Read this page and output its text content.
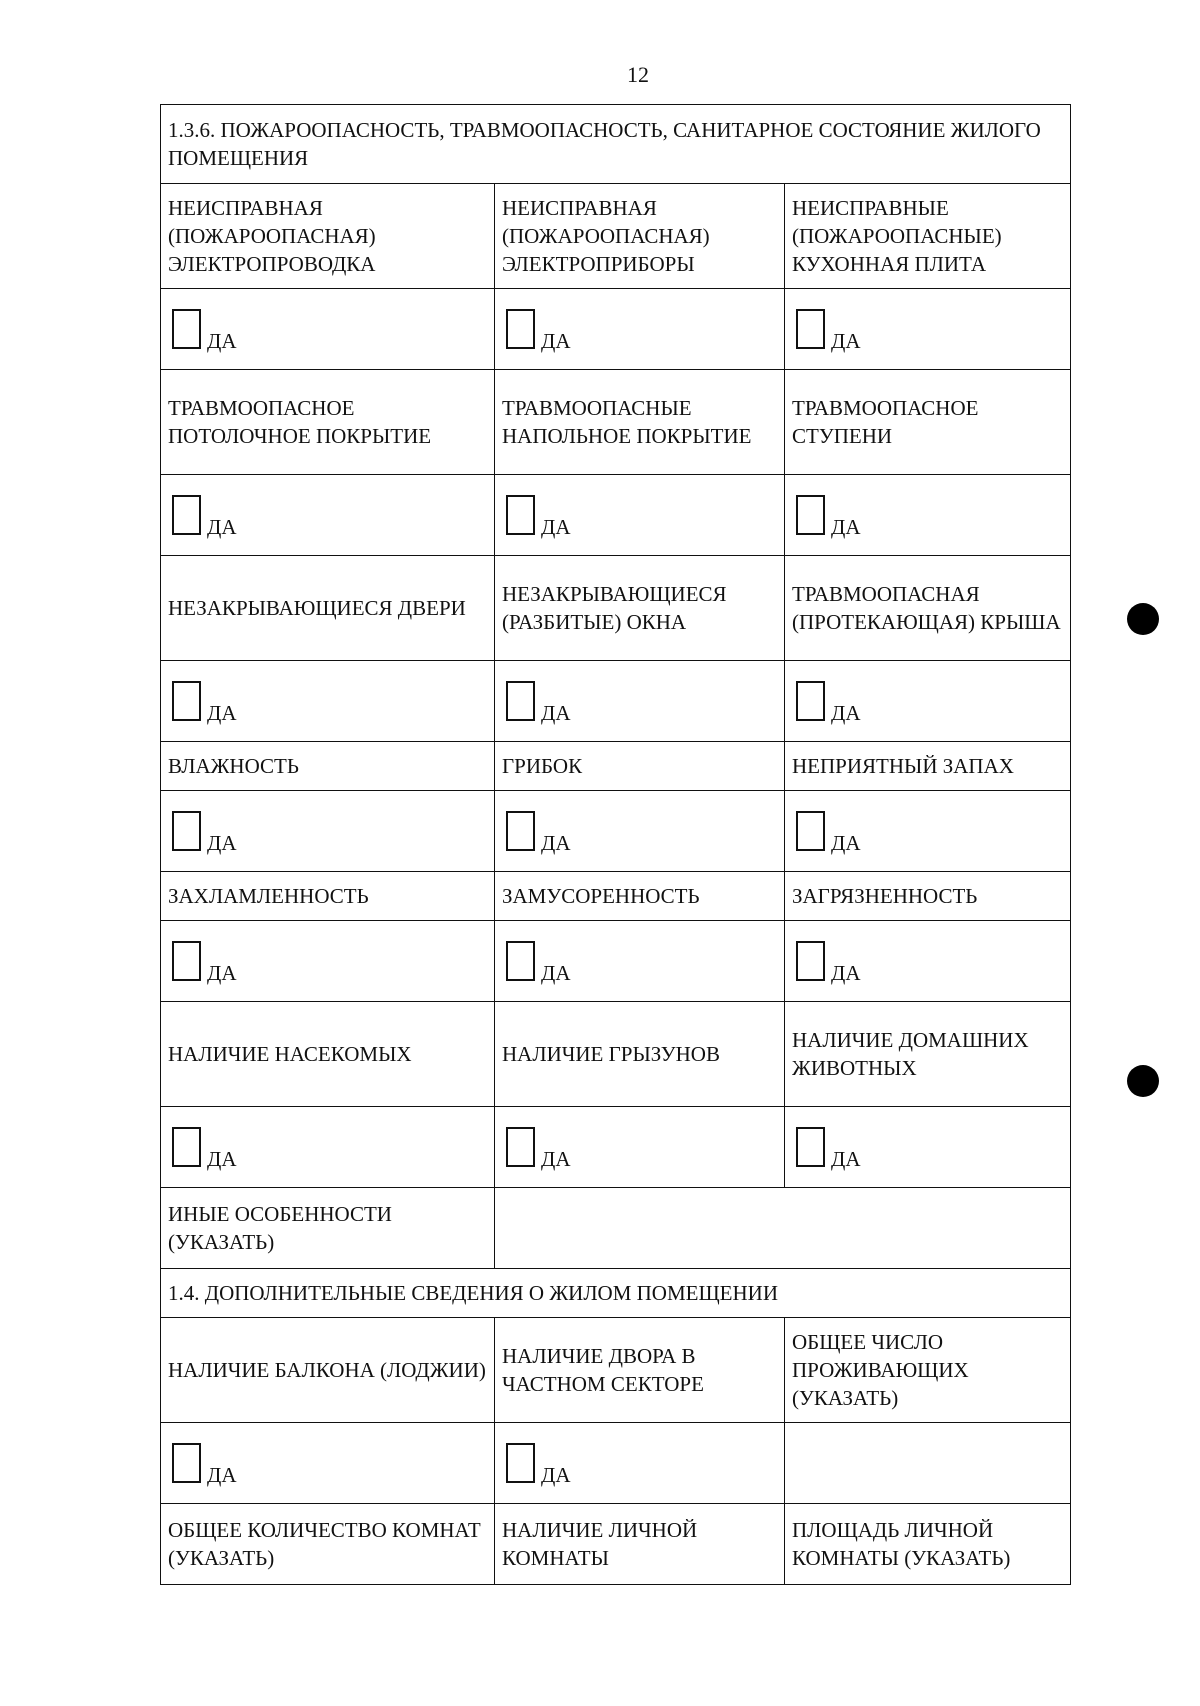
12
1.3.6. ПОЖАРООПАСНОСТЬ, ТРАВМООПАСНОСТЬ, САНИТАРНОЕ СОСТОЯНИЕ ЖИЛОГО ПОМЕЩЕНИЯ		
НЕИСПРАВНАЯ (ПОЖАРООПАСНАЯ) ЭЛЕКТРОПРОВОДКА	НЕИСПРАВНАЯ (ПОЖАРООПАСНАЯ) ЭЛЕКТРОПРИБОРЫ	НЕИСПРАВНЫЕ (ПОЖАРООПАСНЫЕ) КУХОННАЯ ПЛИТА
ДА	ДА	ДА
ТРАВМООПАСНОЕ ПОТОЛОЧНОЕ ПОКРЫТИЕ	ТРАВМООПАСНЫЕ НАПОЛЬНОЕ ПОКРЫТИЕ	ТРАВМООПАСНОЕ СТУПЕНИ
ДА	ДА	ДА
НЕЗАКРЫВАЮЩИЕСЯ ДВЕРИ	НЕЗАКРЫВАЮЩИЕСЯ (РАЗБИТЫЕ) ОКНА	ТРАВМООПАСНАЯ (ПРОТЕКАЮЩАЯ) КРЫША
ДА	ДА	ДА
ВЛАЖНОСТЬ	ГРИБОК	НЕПРИЯТНЫЙ ЗАПАХ
ДА	ДА	ДА
ЗАХЛАМЛЕННОСТЬ	ЗАМУСОРЕННОСТЬ	ЗАГРЯЗНЕННОСТЬ
ДА	ДА	ДА
НАЛИЧИЕ НАСЕКОМЫХ	НАЛИЧИЕ ГРЫЗУНОВ	НАЛИЧИЕ ДОМАШНИХ ЖИВОТНЫХ
ДА	ДА	ДА
ИНЫЕ ОСОБЕННОСТИ (УКАЗАТЬ)		
1.4. ДОПОЛНИТЕЛЬНЫЕ СВЕДЕНИЯ О ЖИЛОМ ПОМЕЩЕНИИ		
НАЛИЧИЕ БАЛКОНА (ЛОДЖИИ)	НАЛИЧИЕ ДВОРА В ЧАСТНОМ СЕКТОРЕ	ОБЩЕЕ ЧИСЛО ПРОЖИВАЮЩИХ (УКАЗАТЬ)
ДА	ДА	
ОБЩЕЕ КОЛИЧЕСТВО КОМНАТ (УКАЗАТЬ)	НАЛИЧИЕ ЛИЧНОЙ КОМНАТЫ	ПЛОЩАДЬ ЛИЧНОЙ КОМНАТЫ (УКАЗАТЬ)
